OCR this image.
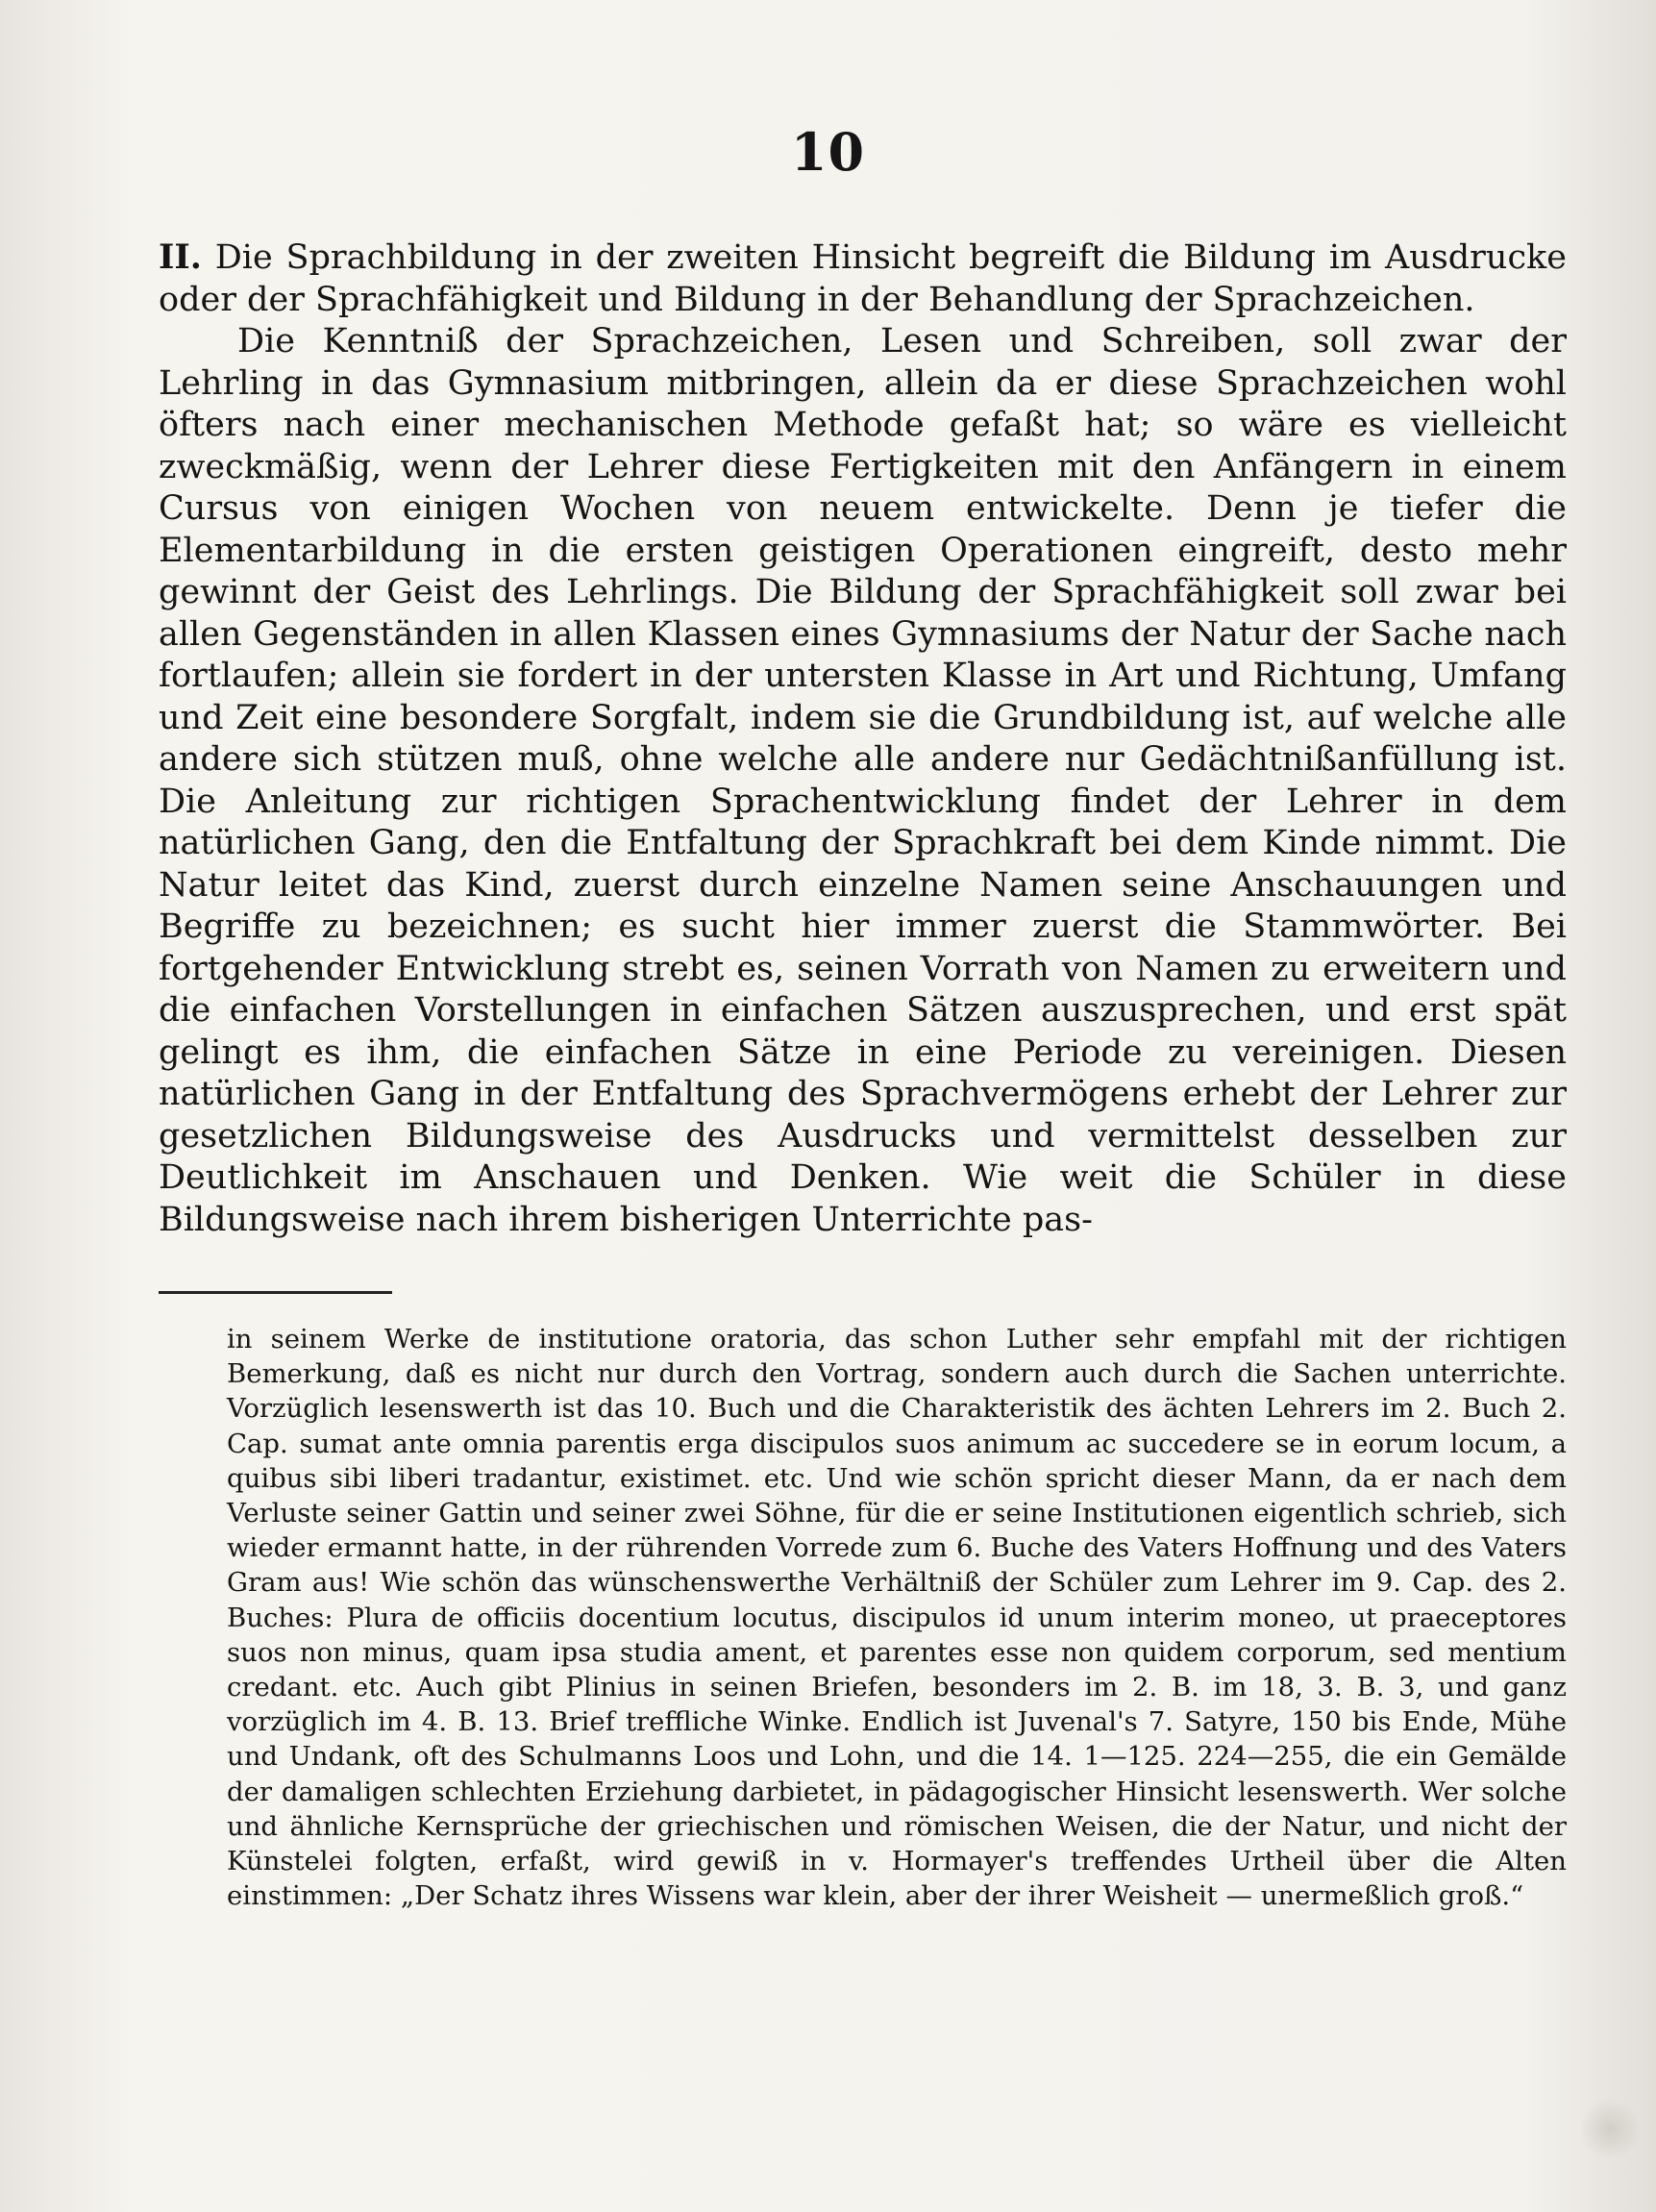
10

II. Die Sprachbildung in der zweiten Hinsicht begreift die Bildung im Ausdrucke oder der Sprachfähigkeit und Bildung in der Behandlung der Sprachzeichen.

Die Kenntniß der Sprachzeichen, Lesen und Schreiben, soll zwar der Lehrling in das Gymnasium mitbringen, allein da er diese Sprachzeichen wohl öfters nach einer mechanischen Methode gefaßt hat; so wäre es vielleicht zweckmäßig, wenn der Lehrer diese Fertigkeiten mit den Anfängern in einem Cursus von einigen Wochen von neuem entwickelte. Denn je tiefer die Elementarbildung in die ersten geistigen Operationen eingreift, desto mehr gewinnt der Geist des Lehrlings. Die Bildung der Sprachfähigkeit soll zwar bei allen Gegenständen in allen Klassen eines Gymnasiums der Natur der Sache nach fortlaufen; allein sie fordert in der untersten Klasse in Art und Richtung, Umfang und Zeit eine besondere Sorgfalt, indem sie die Grundbildung ist, auf welche alle andere sich stützen muß, ohne welche alle andere nur Gedächtnißanfüllung ist. Die Anleitung zur richtigen Sprachentwicklung findet der Lehrer in dem natürlichen Gang, den die Entfaltung der Sprachkraft bei dem Kinde nimmt. Die Natur leitet das Kind, zuerst durch einzelne Namen seine Anschauungen und Begriffe zu bezeichnen; es sucht hier immer zuerst die Stammwörter. Bei fortgehender Entwicklung strebt es, seinen Vorrath von Namen zu erweitern und die einfachen Vorstellungen in einfachen Sätzen auszusprechen, und erst spät gelingt es ihm, die einfachen Sätze in eine Periode zu vereinigen. Diesen natürlichen Gang in der Entfaltung des Sprachvermögens erhebt der Lehrer zur gesetzlichen Bildungsweise des Ausdrucks und vermittelst desselben zur Deutlichkeit im Anschauen und Denken. Wie weit die Schüler in diese Bildungsweise nach ihrem bisherigen Unterrichte pas-

in seinem Werke de institutione oratoria, das schon Luther sehr empfahl mit der richtigen Bemerkung, daß es nicht nur durch den Vortrag, sondern auch durch die Sachen unterrichte. Vorzüglich lesenswerth ist das 10. Buch und die Charakteristik des ächten Lehrers im 2. Buch 2. Cap. sumat ante omnia parentis erga discipulos suos animum ac succedere se in eorum locum, a quibus sibi liberi tradantur, existimet. etc. Und wie schön spricht dieser Mann, da er nach dem Verluste seiner Gattin und seiner zwei Söhne, für die er seine Institutionen eigentlich schrieb, sich wieder ermannt hatte, in der rührenden Vorrede zum 6. Buche des Vaters Hoffnung und des Vaters Gram aus! Wie schön das wünschenswerthe Verhältniß der Schüler zum Lehrer im 9. Cap. des 2. Buches: Plura de officiis docentium locutus, discipulos id unum interim moneo, ut praeceptores suos non minus, quam ipsa studia ament, et parentes esse non quidem corporum, sed mentium credant. etc. Auch gibt Plinius in seinen Briefen, besonders im 2. B. im 18, 3. B. 3, und ganz vorzüglich im 4. B. 13. Brief treffliche Winke. Endlich ist Juvenal's 7. Satyre, 150 bis Ende, Mühe und Undank, oft des Schulmanns Loos und Lohn, und die 14. 1—125. 224—255, die ein Gemälde der damaligen schlechten Erziehung darbietet, in pädagogischer Hinsicht lesenswerth. Wer solche und ähnliche Kernsprüche der griechischen und römischen Weisen, die der Natur, und nicht der Künstelei folgten, erfaßt, wird gewiß in v. Hormayer's treffendes Urtheil über die Alten einstimmen: „Der Schatz ihres Wissens war klein, aber der ihrer Weisheit — unermeßlich groß.“
